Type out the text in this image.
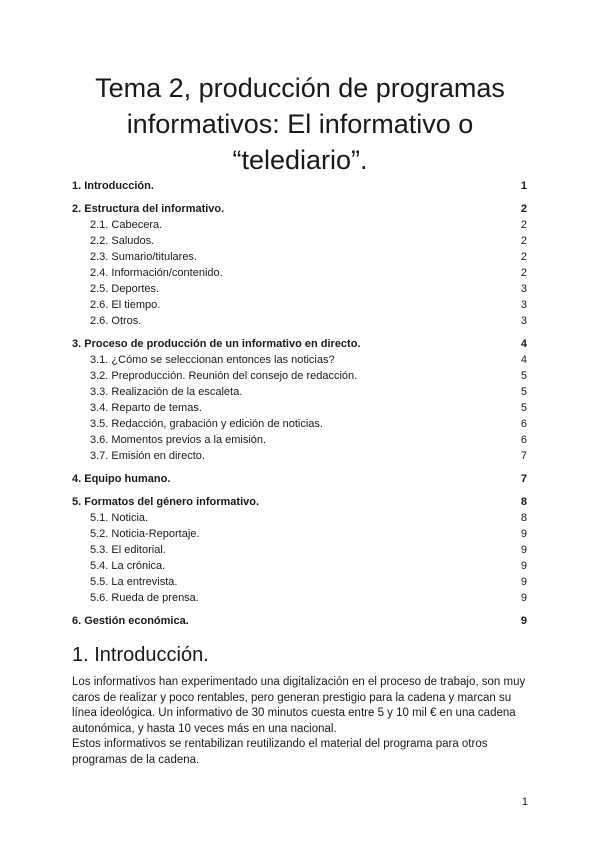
Tema 2, producción de programas
informativos: El informativo o
“telediario”.
1. Introducción.	1
2. Estructura del informativo.	2
2.1. Cabecera.	2
2.2. Saludos.	2
2.3. Sumario/titulares.	2
2.4. Información/contenido.	2
2.5. Deportes.	3
2.6. El tiempo.	3
2.6. Otros.	3
3. Proceso de producción de un informativo en directo.	4
3.1. ¿Cómo se seleccionan entonces las noticias?	4
3.2. Preproducción. Reunión del consejo de redacción.	5
3.3. Realización de la escaleta.	5
3.4. Reparto de temas.	5
3.5. Redacción, grabación y edición de noticias.	6
3.6. Momentos previos a la emisión.	6
3.7. Emisión en directo.	7
4. Equipo humano.	7
5. Formatos del género informativo.	8
5.1. Noticia.	8
5.2. Noticia-Reportaje.	9
5.3. El editorial.	9
5.4. La crónica.	9
5.5. La entrevista.	9
5.6. Rueda de prensa.	9
6. Gestión económica.	9
1. Introducción.

Los informativos han experimentado una digitalización en el proceso de trabajo, son muy caros de realizar y poco rentables, pero generan prestigio para la cadena y marcan su línea ideológica. Un informativo de 30 minutos cuesta entre 5 y 10 mil € en una cadena autonómica, y hasta 10 veces más en una nacional.

Estos informativos se rentabilizan reutilizando el material del programa para otros programas de la cadena.

1
